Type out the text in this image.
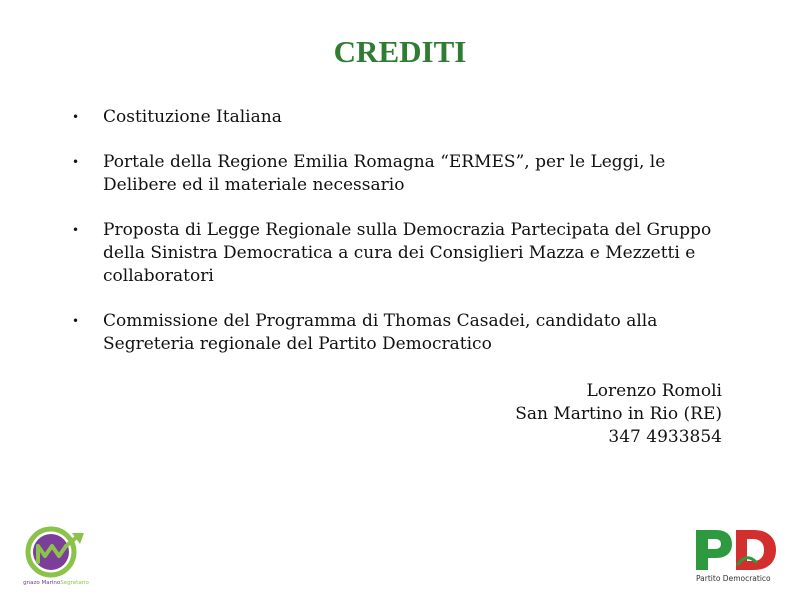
CREDITI
• Costituzione Italiana
• Portale della Regione Emilia Romagna “ERMES”, per le Leggi, le Delibere ed il materiale necessario
• Proposta di Legge Regionale sulla Democrazia Partecipata del Gruppo della Sinistra Democratica a cura dei Consiglieri Mazza e Mezzetti e collaboratori
• Commissione del Programma di Thomas Casadei, candidato alla Segreteria regionale del Partito Democratico
Lorenzo Romoli
San Martino in Rio (RE)
347 4933854
gnazo MarinoSegretario	Partito Democratico
